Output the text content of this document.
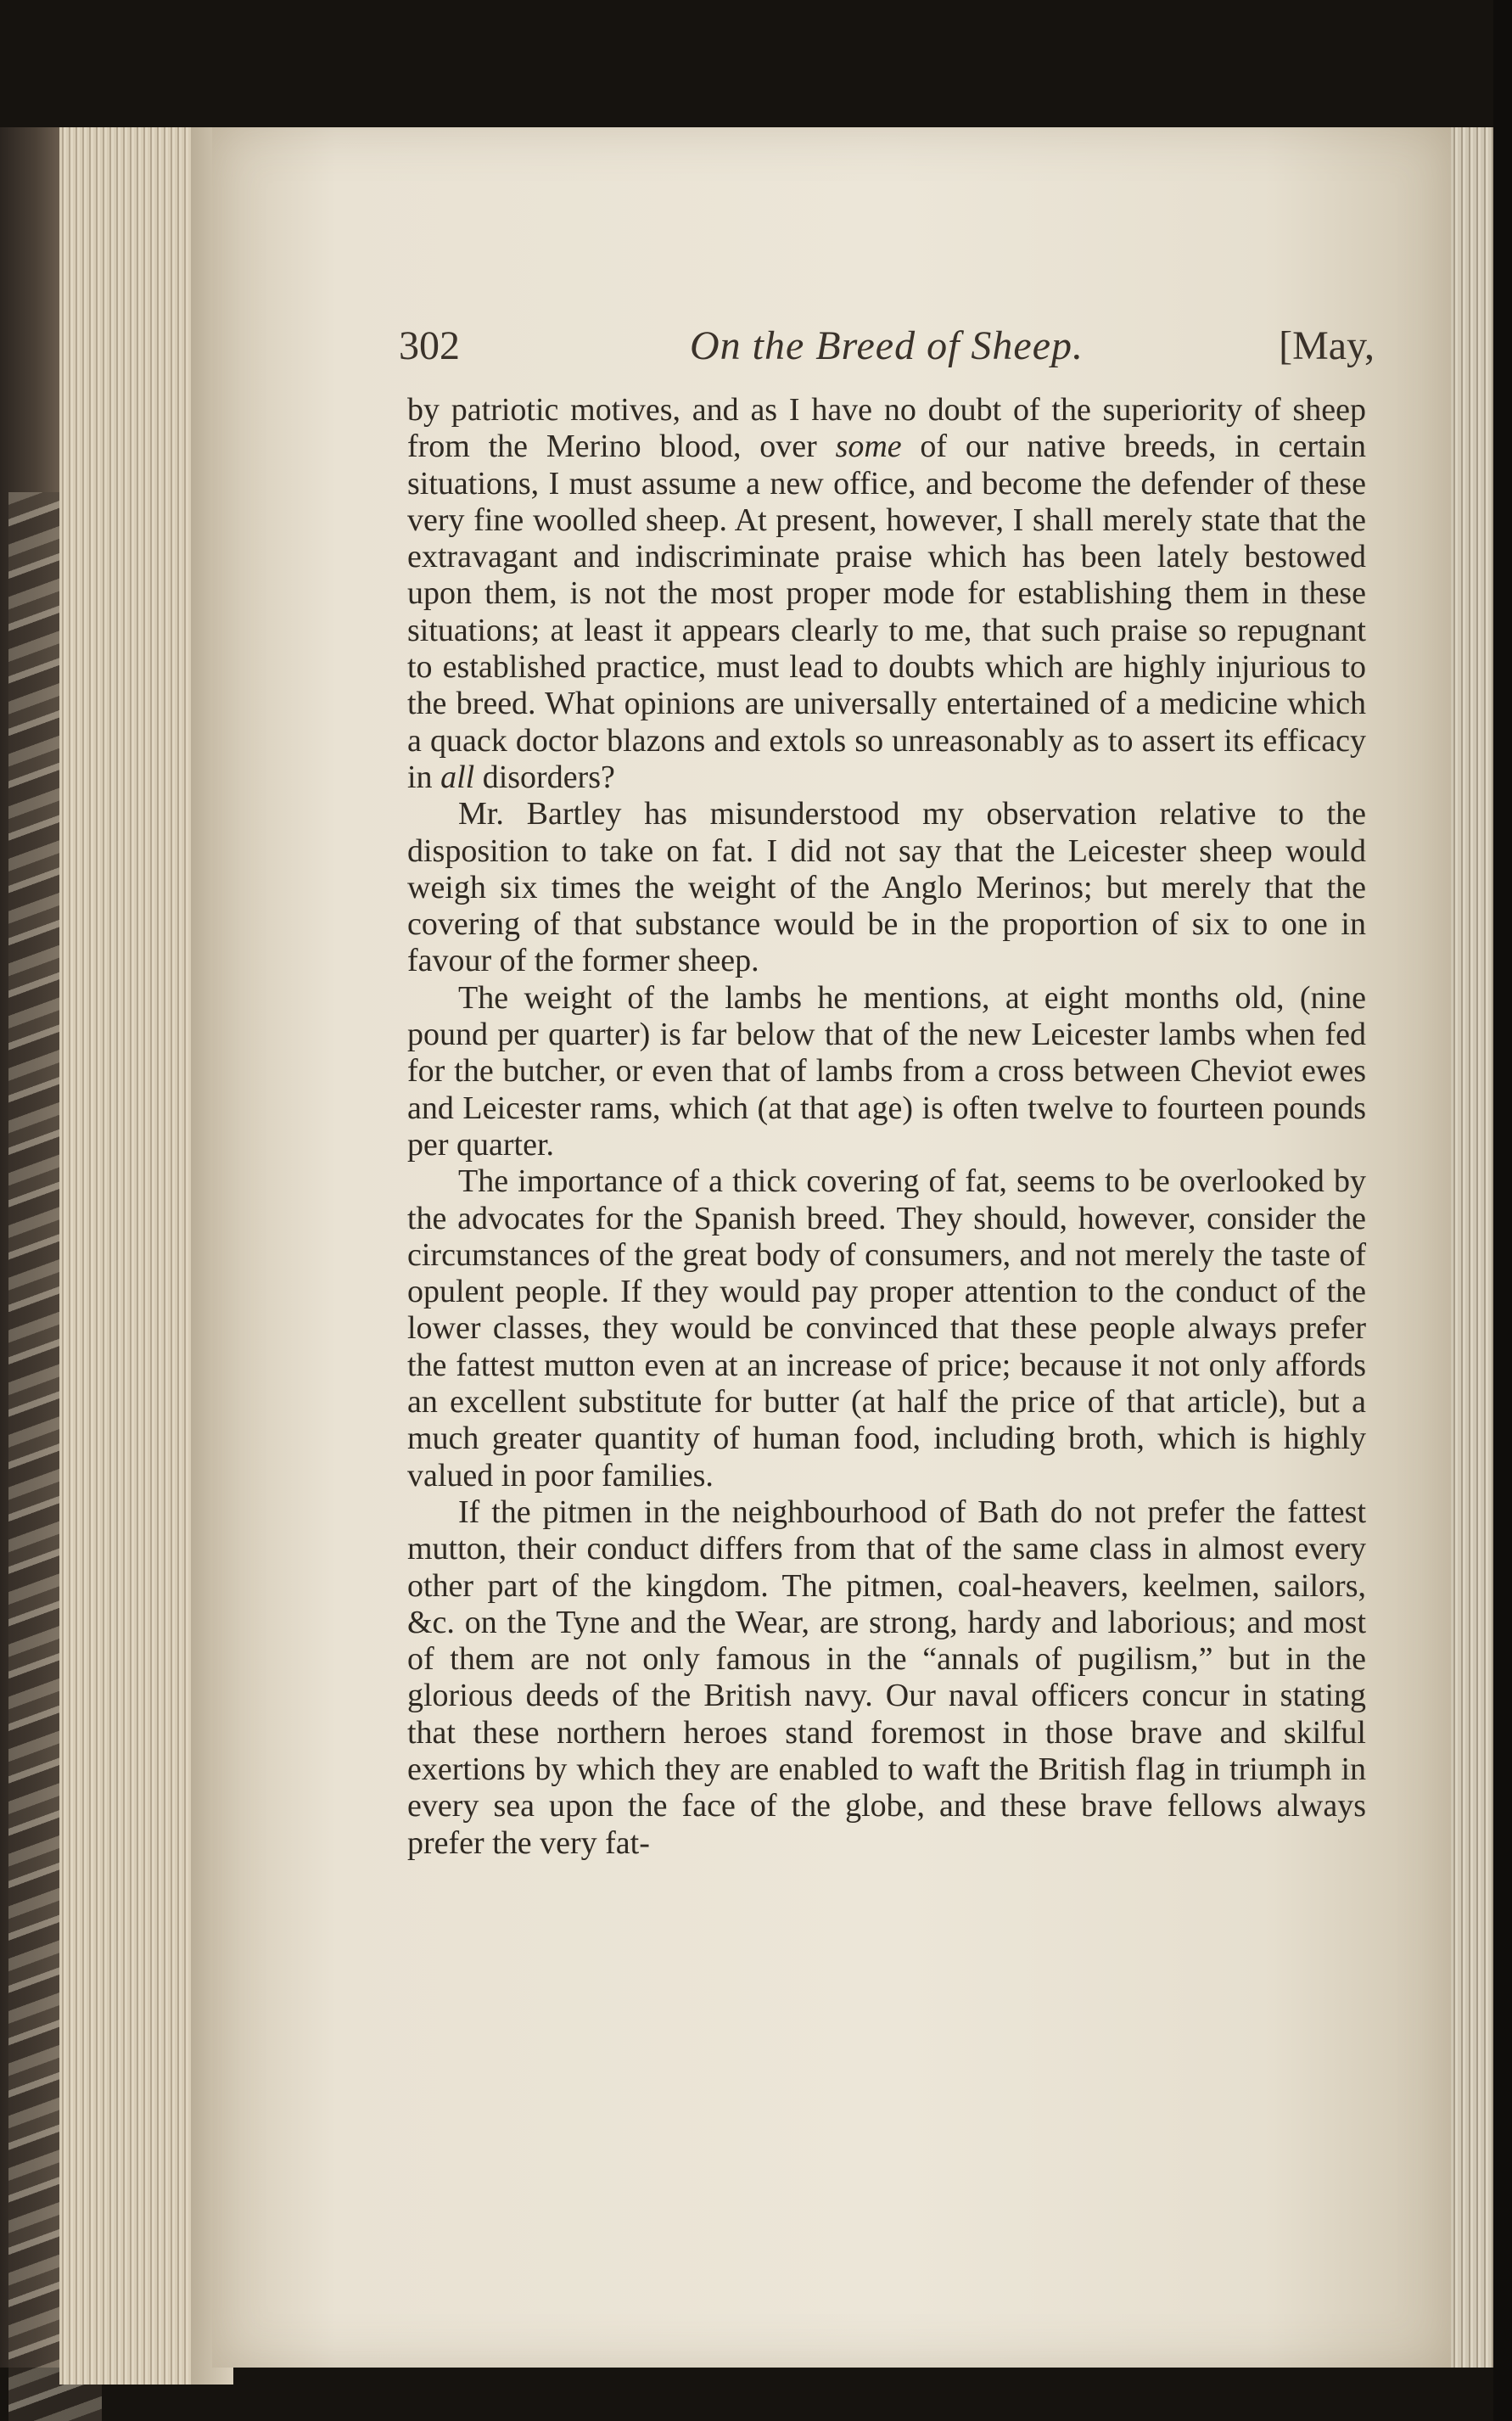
302	On the Breed of Sheep.	[May,

by patriotic motives, and as I have no doubt of the superiority of sheep from the Merino blood, over some of our native breeds, in certain situations, I must assume a new office, and become the defender of these very fine woolled sheep. At present, however, I shall merely state that the extravagant and indiscriminate praise which has been lately bestowed upon them, is not the most proper mode for establishing them in these situations; at least it appears clearly to me, that such praise so repugnant to established practice, must lead to doubts which are highly injurious to the breed. What opinions are universally entertained of a medicine which a quack doctor blazons and extols so unreasonably as to assert its efficacy in all disorders?

Mr. Bartley has misunderstood my observation relative to the disposition to take on fat. I did not say that the Leicester sheep would weigh six times the weight of the Anglo Merinos; but merely that the covering of that substance would be in the proportion of six to one in favour of the former sheep.

The weight of the lambs he mentions, at eight months old, (nine pound per quarter) is far below that of the new Leicester lambs when fed for the butcher, or even that of lambs from a cross between Cheviot ewes and Leicester rams, which (at that age) is often twelve to fourteen pounds per quarter.

The importance of a thick covering of fat, seems to be overlooked by the advocates for the Spanish breed. They should, however, consider the circumstances of the great body of consumers, and not merely the taste of opulent people. If they would pay proper attention to the conduct of the lower classes, they would be convinced that these people always prefer the fattest mutton even at an increase of price; because it not only affords an excellent substitute for butter (at half the price of that article), but a much greater quantity of human food, including broth, which is highly valued in poor families.

If the pitmen in the neighbourhood of Bath do not prefer the fattest mutton, their conduct differs from that of the same class in almost every other part of the kingdom. The pitmen, coal-heavers, keelmen, sailors, &c. on the Tyne and the Wear, are strong, hardy and laborious; and most of them are not only famous in the “annals of pugilism,” but in the glorious deeds of the British navy. Our naval officers concur in stating that these northern heroes stand foremost in those brave and skilful exertions by which they are enabled to waft the British flag in triumph in every sea upon the face of the globe, and these brave fellows always prefer the very fat-
